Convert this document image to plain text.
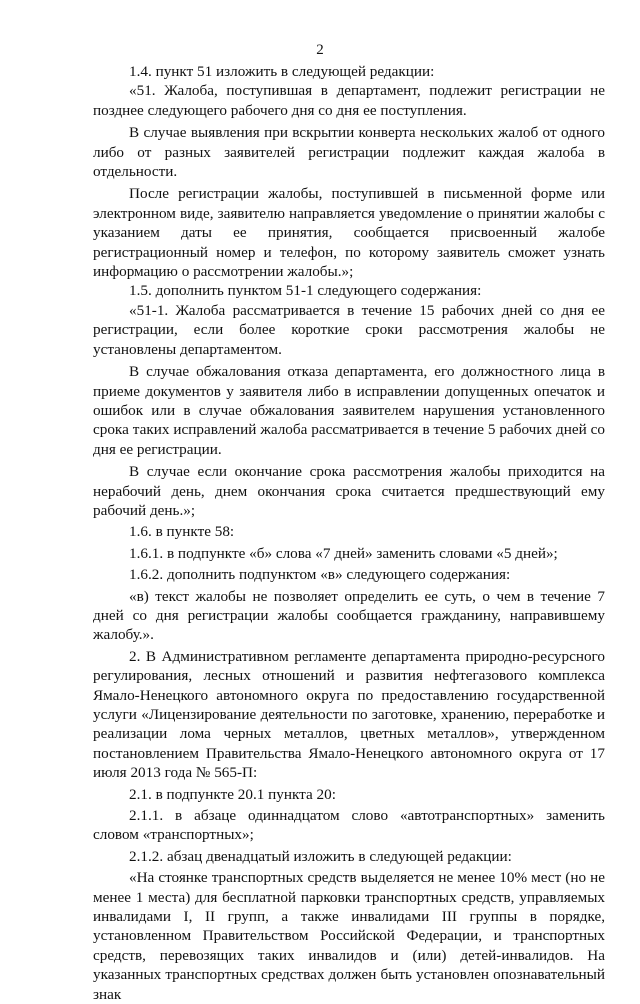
2

1.4. пункт 51 изложить в следующей редакции:

«51. Жалоба, поступившая в департамент, подлежит регистрации не позднее следующего рабочего дня со дня ее поступления.

В случае выявления при вскрытии конверта нескольких жалоб от одного либо от разных заявителей регистрации подлежит каждая жалоба в отдельности.

После регистрации жалобы, поступившей в письменной форме или электронном виде, заявителю направляется уведомление о принятии жалобы с указанием даты ее принятия, сообщается присвоенный жалобе регистрационный номер и телефон, по которому заявитель сможет узнать информацию о рассмотрении жалобы.»;

1.5. дополнить пунктом 51-1 следующего содержания:

«51-1. Жалоба рассматривается в течение 15 рабочих дней со дня ее регистрации, если более короткие сроки рассмотрения жалобы не установлены департаментом.

В случае обжалования отказа департамента, его должностного лица в приеме документов у заявителя либо в исправлении допущенных опечаток и ошибок или в случае обжалования заявителем нарушения установленного срока таких исправлений жалоба рассматривается в течение 5 рабочих дней со дня ее регистрации.

В случае если окончание срока рассмотрения жалобы приходится на нерабочий день, днем окончания срока считается предшествующий ему рабочий день.»;

1.6. в пункте 58:

1.6.1. в подпункте «б» слова «7 дней» заменить словами «5 дней»;

1.6.2. дополнить подпунктом «в» следующего содержания:

«в) текст жалобы не позволяет определить ее суть, о чем в течение 7 дней со дня регистрации жалобы сообщается гражданину, направившему жалобу.».

2. В Административном регламенте департамента природно-ресурсного регулирования, лесных отношений и развития нефтегазового комплекса Ямало-Ненецкого автономного округа по предоставлению государственной услуги «Лицензирование деятельности по заготовке, хранению, переработке и реализации лома черных металлов, цветных металлов», утвержденном постановлением Правительства Ямало-Ненецкого автономного округа от 17 июля 2013 года № 565-П:

2.1. в подпункте 20.1 пункта 20:

2.1.1. в абзаце одиннадцатом слово «автотранспортных» заменить словом «транспортных»;

2.1.2. абзац двенадцатый изложить в следующей редакции:

«На стоянке транспортных средств выделяется не менее 10% мест (но не менее 1 места) для бесплатной парковки транспортных средств, управляемых инвалидами I, II групп, а также инвалидами III группы в порядке, установленном Правительством Российской Федерации, и транспортных средств, перевозящих таких инвалидов и (или) детей-инвалидов. На указанных транспортных средствах должен быть установлен опознавательный знак
